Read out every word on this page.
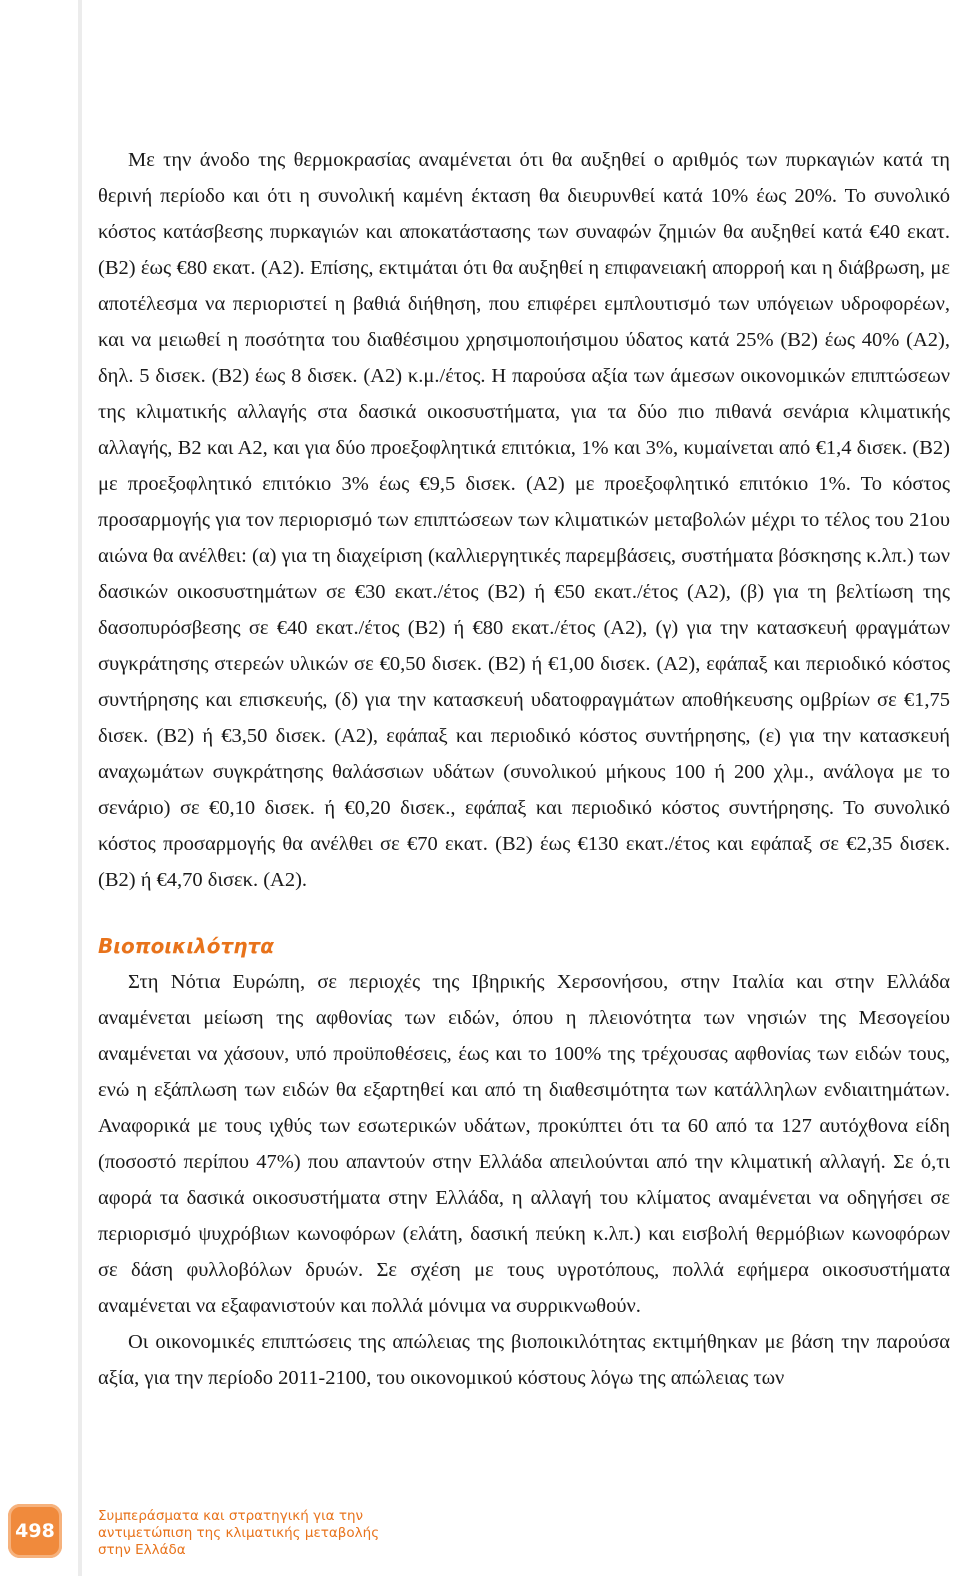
Με την άνοδο της θερμοκρασίας αναμένεται ότι θα αυξηθεί ο αριθμός των πυρκαγιών κατά τη θερινή περίοδο και ότι η συνολική καμένη έκταση θα διευρυνθεί κατά 10% έως 20%. Το συνολικό κόστος κατάσβεσης πυρκαγιών και αποκατάστασης των συναφών ζημιών θα αυξηθεί κατά €40 εκατ. (Β2) έως €80 εκατ. (Α2). Επίσης, εκτιμάται ότι θα αυξηθεί η επιφανειακή απορροή και η διάβρωση, με αποτέλεσμα να περιοριστεί η βαθιά διήθηση, που επιφέρει εμπλουτισμό των υπόγειων υδροφορέων, και να μειωθεί η ποσότητα του διαθέσιμου χρησιμοποιήσιμου ύδατος κατά 25% (Β2) έως 40% (Α2), δηλ. 5 δισεκ. (Β2) έως 8 δισεκ. (Α2) κ.μ./έτος. Η παρούσα αξία των άμεσων οικονομικών επιπτώσεων της κλιματικής αλλαγής στα δασικά οικοσυστήματα, για τα δύο πιο πιθανά σενάρια κλιματικής αλλαγής, Β2 και Α2, και για δύο προεξοφλητικά επιτόκια, 1% και 3%, κυμαίνεται από €1,4 δισεκ. (Β2) με προεξοφλητικό επιτόκιο 3% έως €9,5 δισεκ. (Α2) με προεξοφλητικό επιτόκιο 1%. Το κόστος προσαρμογής για τον περιορισμό των επιπτώσεων των κλιματικών μεταβολών μέχρι το τέλος του 21ου αιώνα θα ανέλθει: (α) για τη διαχείριση (καλλιεργητικές παρεμβάσεις, συστήματα βόσκησης κ.λπ.) των δασικών οικοσυστημάτων σε €30 εκατ./έτος (Β2) ή €50 εκατ./έτος (Α2), (β) για τη βελτίωση της δασοπυρόσβεσης σε €40 εκατ./έτος (Β2) ή €80 εκατ./έτος (Α2), (γ) για την κατασκευή φραγμάτων συγκράτησης στερεών υλικών σε €0,50 δισεκ. (Β2) ή €1,00 δισεκ. (Α2), εφάπαξ και περιοδικό κόστος συντήρησης και επισκευής, (δ) για την κατασκευή υδατοφραγμάτων αποθήκευσης ομβρίων σε €1,75 δισεκ. (Β2) ή €3,50 δισεκ. (Α2), εφάπαξ και περιοδικό κόστος συντήρησης, (ε) για την κατασκευή αναχωμάτων συγκράτησης θαλάσσιων υδάτων (συνολικού μήκους 100 ή 200 χλμ., ανάλογα με το σενάριο) σε €0,10 δισεκ. ή €0,20 δισεκ., εφάπαξ και περιοδικό κόστος συντήρησης. Το συνολικό κόστος προσαρμογής θα ανέλθει σε €70 εκατ. (Β2) έως €130 εκατ./έτος και εφάπαξ σε €2,35 δισεκ. (Β2) ή €4,70 δισεκ. (Α2).

Βιοποικιλότητα

Στη Νότια Ευρώπη, σε περιοχές της Ιβηρικής Χερσονήσου, στην Ιταλία και στην Ελλάδα αναμένεται μείωση της αφθονίας των ειδών, όπου η πλειονότητα των νησιών της Μεσογείου αναμένεται να χάσουν, υπό προϋποθέσεις, έως και το 100% της τρέχουσας αφθονίας των ειδών τους, ενώ η εξάπλωση των ειδών θα εξαρτηθεί και από τη διαθεσιμότητα των κατάλληλων ενδιαιτημάτων. Αναφορικά με τους ιχθύς των εσωτερικών υδάτων, προκύπτει ότι τα 60 από τα 127 αυτόχθονα είδη (ποσοστό περίπου 47%) που απαντούν στην Ελλάδα απειλούνται από την κλιματική αλλαγή. Σε ό,τι αφορά τα δασικά οικοσυστήματα στην Ελλάδα, η αλλαγή του κλίματος αναμένεται να οδηγήσει σε περιορισμό ψυχρόβιων κωνοφόρων (ελάτη, δασική πεύκη κ.λπ.) και εισβολή θερμόβιων κωνοφόρων σε δάση φυλλοβόλων δρυών. Σε σχέση με τους υγροτόπους, πολλά εφήμερα οικοσυστήματα αναμένεται να εξαφανιστούν και πολλά μόνιμα να συρρικνωθούν.

Οι οικονομικές επιπτώσεις της απώλειας της βιοποικιλότητας εκτιμήθηκαν με βάση την παρούσα αξία, για την περίοδο 2011-2100, του οικονομικού κόστους λόγω της απώλειας των

498
Συμπεράσματα και στρατηγική για την
αντιμετώπιση της κλιματικής μεταβολής
στην Ελλάδα
